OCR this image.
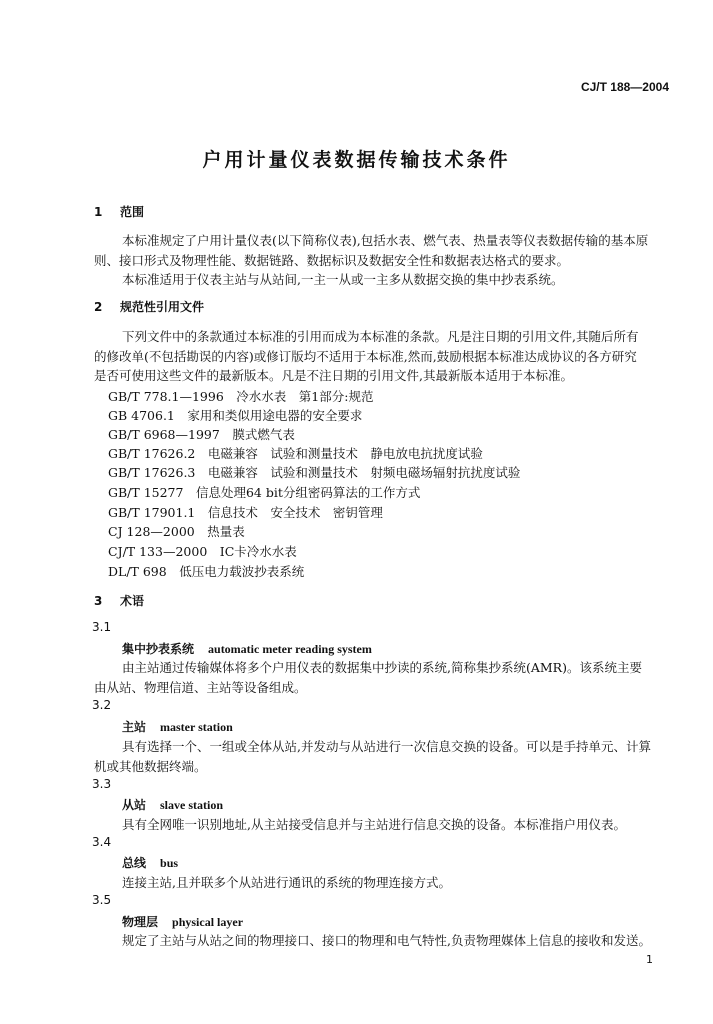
CJ/T 188—2004
户用计量仪表数据传输技术条件
1 范围
本标准规定了户用计量仪表(以下简称仪表),包括水表、燃气表、热量表等仪表数据传输的基本原
则、接口形式及物理性能、数据链路、数据标识及数据安全性和数据表达格式的要求。
本标准适用于仪表主站与从站间,一主一从或一主多从数据交换的集中抄表系统。
2 规范性引用文件
下列文件中的条款通过本标准的引用而成为本标准的条款。凡是注日期的引用文件,其随后所有
的修改单(不包括勘误的内容)或修订版均不适用于本标准,然而,鼓励根据本标准达成协议的各方研究
是否可使用这些文件的最新版本。凡是不注日期的引用文件,其最新版本适用于本标准。
GB/T 778.1—1996　冷水水表　第1部分:规范
GB 4706.1　家用和类似用途电器的安全要求
GB/T 6968—1997　膜式燃气表
GB/T 17626.2　电磁兼容　试验和测量技术　静电放电抗扰度试验
GB/T 17626.3　电磁兼容　试验和测量技术　射频电磁场辐射抗扰度试验
GB/T 15277　信息处理64 bit分组密码算法的工作方式
GB/T 17901.1　信息技术　安全技术　密钥管理
CJ 128—2000　热量表
CJ/T 133—2000　IC卡冷水水表
DL/T 698　低压电力载波抄表系统
3 术语
3.1
集中抄表系统 automatic meter reading system
由主站通过传输媒体将多个户用仪表的数据集中抄读的系统,简称集抄系统(AMR)。该系统主要
由从站、物理信道、主站等设备组成。
3.2
主站 master station
具有选择一个、一组或全体从站,并发动与从站进行一次信息交换的设备。可以是手持单元、计算
机或其他数据终端。
3.3
从站 slave station
具有全网唯一识别地址,从主站接受信息并与主站进行信息交换的设备。本标准指户用仪表。
3.4
总线 bus
连接主站,且并联多个从站进行通讯的系统的物理连接方式。
3.5
物理层 physical layer
规定了主站与从站之间的物理接口、接口的物理和电气特性,负责物理媒体上信息的接收和发送。
1
